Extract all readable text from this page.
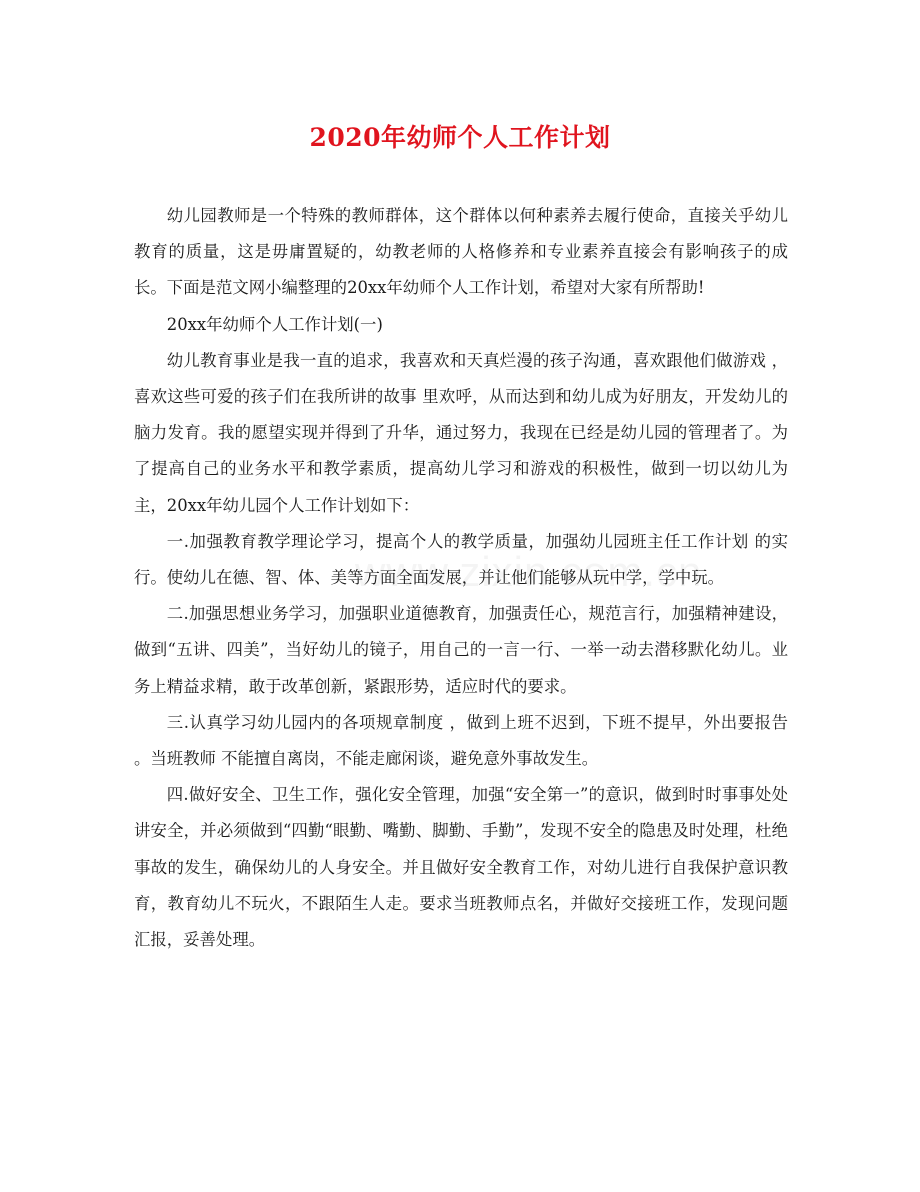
2020年幼师个人工作计划

幼儿园教师是一个特殊的教师群体，这个群体以何种素养去履行使命，直接关乎幼儿教育的质量，这是毋庸置疑的，幼教老师的人格修养和专业素养直接会有影响孩子的成长。下面是范文网小编整理的20xx年幼师个人工作计划，希望对大家有所帮助!

20xx年幼师个人工作计划(一)

幼儿教育事业是我一直的追求，我喜欢和天真烂漫的孩子沟通，喜欢跟他们做游戏 ，喜欢这些可爱的孩子们在我所讲的故事 里欢呼，从而达到和幼儿成为好朋友，开发幼儿的脑力发育。我的愿望实现并得到了升华，通过努力，我现在已经是幼儿园的管理者了。为了提高自己的业务水平和教学素质，提高幼儿学习和游戏的积极性，做到一切以幼儿为主，20xx年幼儿园个人工作计划如下：

一.加强教育教学理论学习，提高个人的教学质量，加强幼儿园班主任工作计划 的实行。使幼儿在德、智、体、美等方面全面发展，并让他们能够从玩中学，学中玩。

二.加强思想业务学习，加强职业道德教育，加强责任心，规范言行，加强精神建设，做到“五讲、四美”，当好幼儿的镜子，用自己的一言一行、一举一动去潜移默化幼儿。业务上精益求精，敢于改革创新，紧跟形势，适应时代的要求。

三.认真学习幼儿园内的各项规章制度 ，做到上班不迟到，下班不提早，外出要报告 。当班教师 不能擅自离岗，不能走廊闲谈，避免意外事故发生。

四.做好安全、卫生工作，强化安全管理，加强“安全第一”的意识，做到时时事事处处讲安全，并必须做到“四勤“眼勤、嘴勤、脚勤、手勤”，发现不安全的隐患及时处理，杜绝事故的发生，确保幼儿的人身安全。并且做好安全教育工作，对幼儿进行自我保护意识教育，教育幼儿不玩火，不跟陌生人走。要求当班教师点名，并做好交接班工作，发现问题汇报，妥善处理。
